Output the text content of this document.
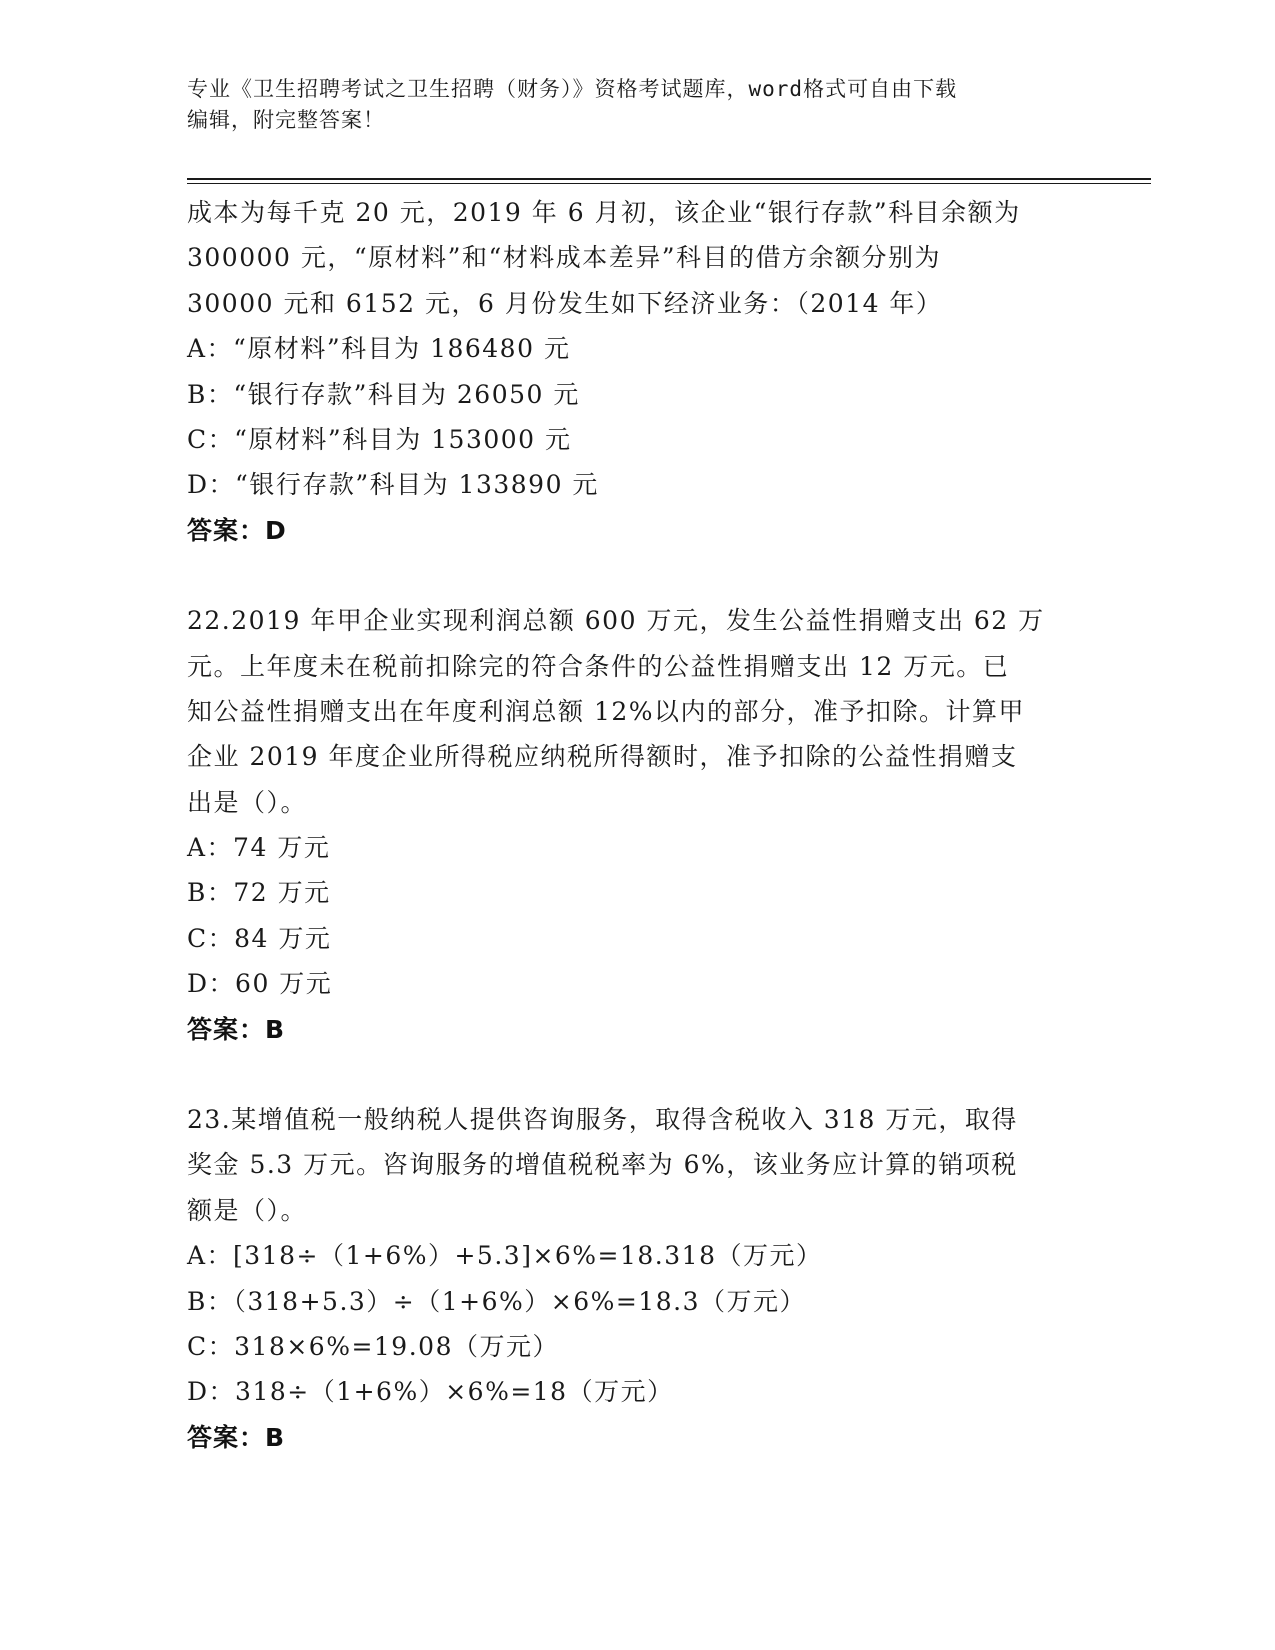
专业《卫生招聘考试之卫生招聘（财务）》资格考试题库，word格式可自由下载
编辑，附完整答案！
成本为每千克 20 元，2019 年 6 月初，该企业“银行存款”科目余额为
300000 元，“原材料”和“材料成本差异”科目的借方余额分别为
30000 元和 6152 元，6 月份发生如下经济业务：（2014 年）
A：“原材料”科目为 186480 元
B：“银行存款”科目为 26050 元
C：“原材料”科目为 153000 元
D：“银行存款”科目为 133890 元
答案：D
22.2019 年甲企业实现利润总额 600 万元，发生公益性捐赠支出 62 万
元。上年度未在税前扣除完的符合条件的公益性捐赠支出 12 万元。已
知公益性捐赠支出在年度利润总额 12%以内的部分，准予扣除。计算甲
企业 2019 年度企业所得税应纳税所得额时，准予扣除的公益性捐赠支
出是（）。
A：74 万元
B：72 万元
C：84 万元
D：60 万元
答案：B
23.某增值税一般纳税人提供咨询服务，取得含税收入 318 万元，取得
奖金 5.3 万元。咨询服务的增值税税率为 6%，该业务应计算的销项税
额是（）。
A：[318÷（1+6%）+5.3]×6%=18.318（万元）
B：（318+5.3）÷（1+6%）×6%=18.3（万元）
C：318×6%=19.08（万元）
D：318÷（1+6%）×6%=18（万元）
答案：B
